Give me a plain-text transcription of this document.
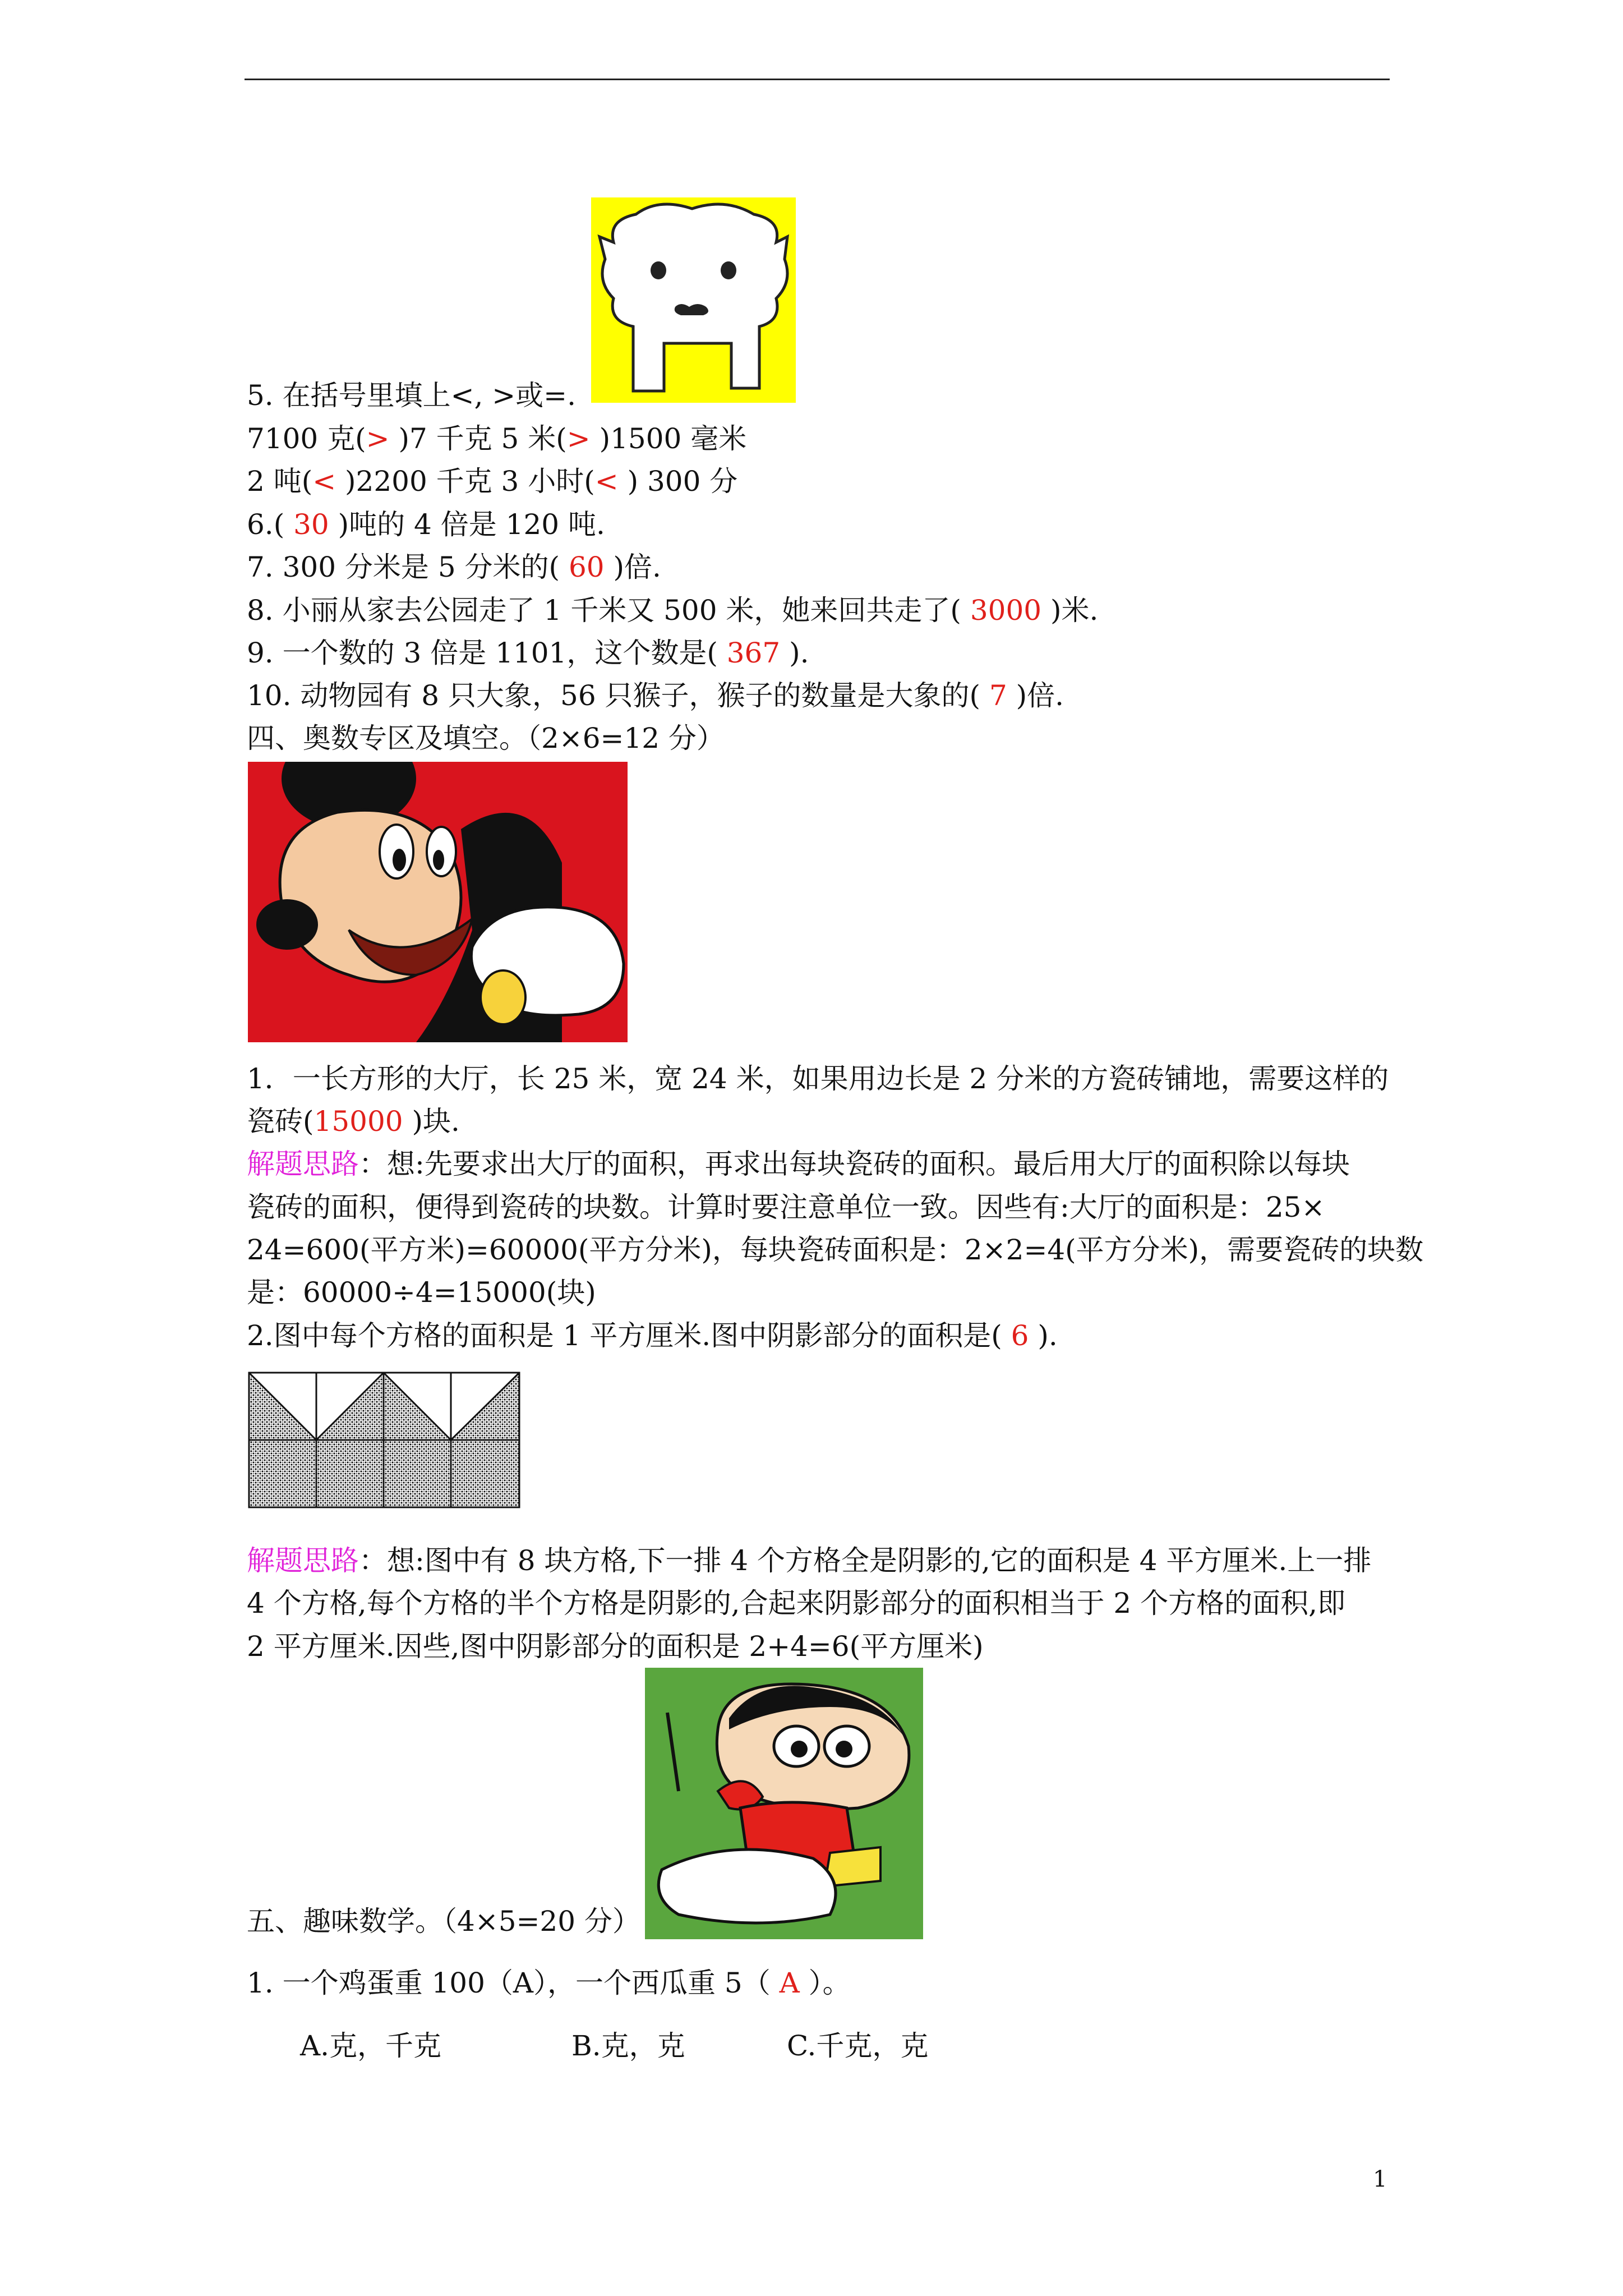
5. 在括号里填上<, >或=.
7100 克(> )7 千克 5 米(> )1500 毫米
2 吨(< )2200 千克 3 小时(< ) 300 分
6.( 30 )吨的 4 倍是 120 吨.
7. 300 分米是 5 分米的( 60 )倍.
8. 小丽从家去公园走了 1 千米又 500 米，她来回共走了( 3000 )米.
9. 一个数的 3 倍是 1101，这个数是( 367 ).
10. 动物园有 8 只大象，56 只猴子，猴子的数量是大象的( 7 )倍.
四、奥数专区及填空。（2×6=12 分）
1．一长方形的大厅，长 25 米，宽 24 米，如果用边长是 2 分米的方瓷砖铺地，需要这样的
瓷砖(15000 )块.
解题思路：想:先要求出大厅的面积，再求出每块瓷砖的面积。最后用大厅的面积除以每块
瓷砖的面积，便得到瓷砖的块数。计算时要注意单位一致。因些有:大厅的面积是：25×
24=600(平方米)=60000(平方分米)，每块瓷砖面积是：2×2=4(平方分米)，需要瓷砖的块数
是：60000÷4=15000(块)
2.图中每个方格的面积是 1 平方厘米.图中阴影部分的面积是( 6 ).
解题思路：想:图中有 8 块方格,下一排 4 个方格全是阴影的,它的面积是 4 平方厘米.上一排
4 个方格,每个方格的半个方格是阴影的,合起来阴影部分的面积相当于 2 个方格的面积,即
2 平方厘米.因些,图中阴影部分的面积是 2+4=6(平方厘米)
五、趣味数学。（4×5=20 分）
1. 一个鸡蛋重 100（A），一个西瓜重 5（ A ）。
A.克，千克	B.克，克	C.千克，克
1
